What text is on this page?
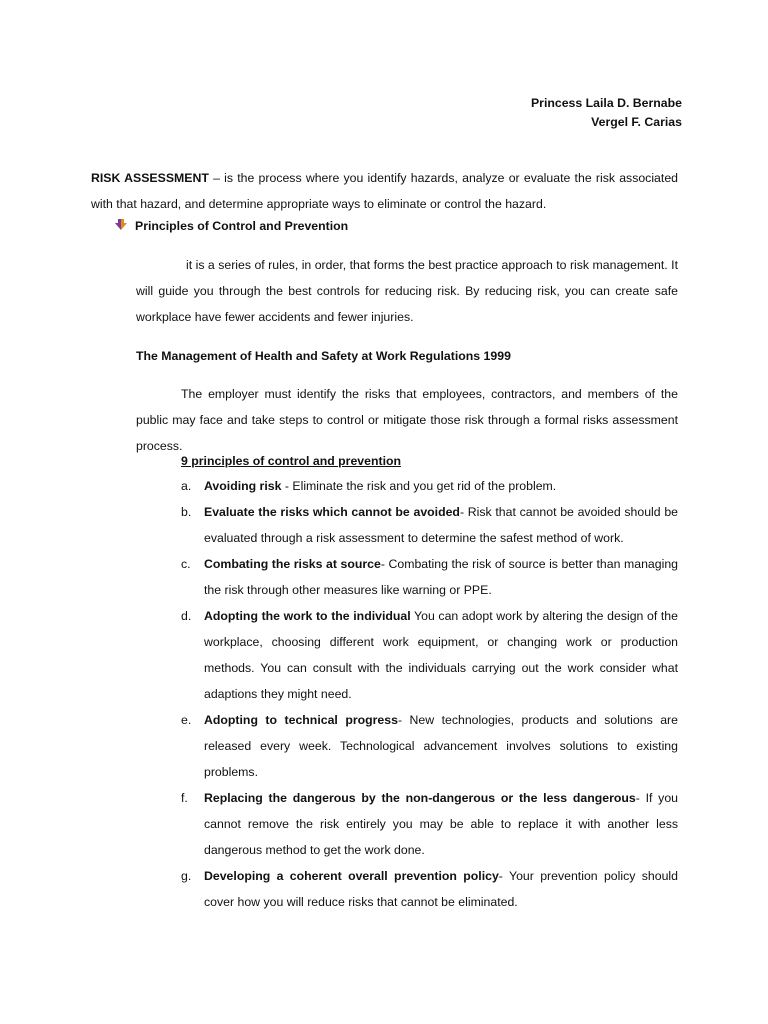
Princess Laila D. Bernabe
Vergel F. Carias

RISK ASSESSMENT – is the process where you identify hazards, analyze or evaluate the risk associated with that hazard, and determine appropriate ways to eliminate or control the hazard.

Principles of Control and Prevention

it is a series of rules, in order, that forms the best practice approach to risk management. It will guide you through the best controls for reducing risk. By reducing risk, you can create safe workplace have fewer accidents and fewer injuries.

The Management of Health and Safety at Work Regulations 1999

The employer must identify the risks that employees, contractors, and members of the public may face and take steps to control or mitigate those risk through a formal risks assessment process.

9 principles of control and prevention
a. Avoiding risk - Eliminate the risk and you get rid of the problem.
b. Evaluate the risks which cannot be avoided- Risk that cannot be avoided should be evaluated through a risk assessment to determine the safest method of work.
c. Combating the risks at source- Combating the risk of source is better than managing the risk through other measures like warning or PPE.
d. Adopting the work to the individual You can adopt work by altering the design of the workplace, choosing different work equipment, or changing work or production methods. You can consult with the individuals carrying out the work consider what adaptions they might need.
e. Adopting to technical progress- New technologies, products and solutions are released every week. Technological advancement involves solutions to existing problems.
f. Replacing the dangerous by the non-dangerous or the less dangerous- If you cannot remove the risk entirely you may be able to replace it with another less dangerous method to get the work done.
g. Developing a coherent overall prevention policy- Your prevention policy should cover how you will reduce risks that cannot be eliminated.
